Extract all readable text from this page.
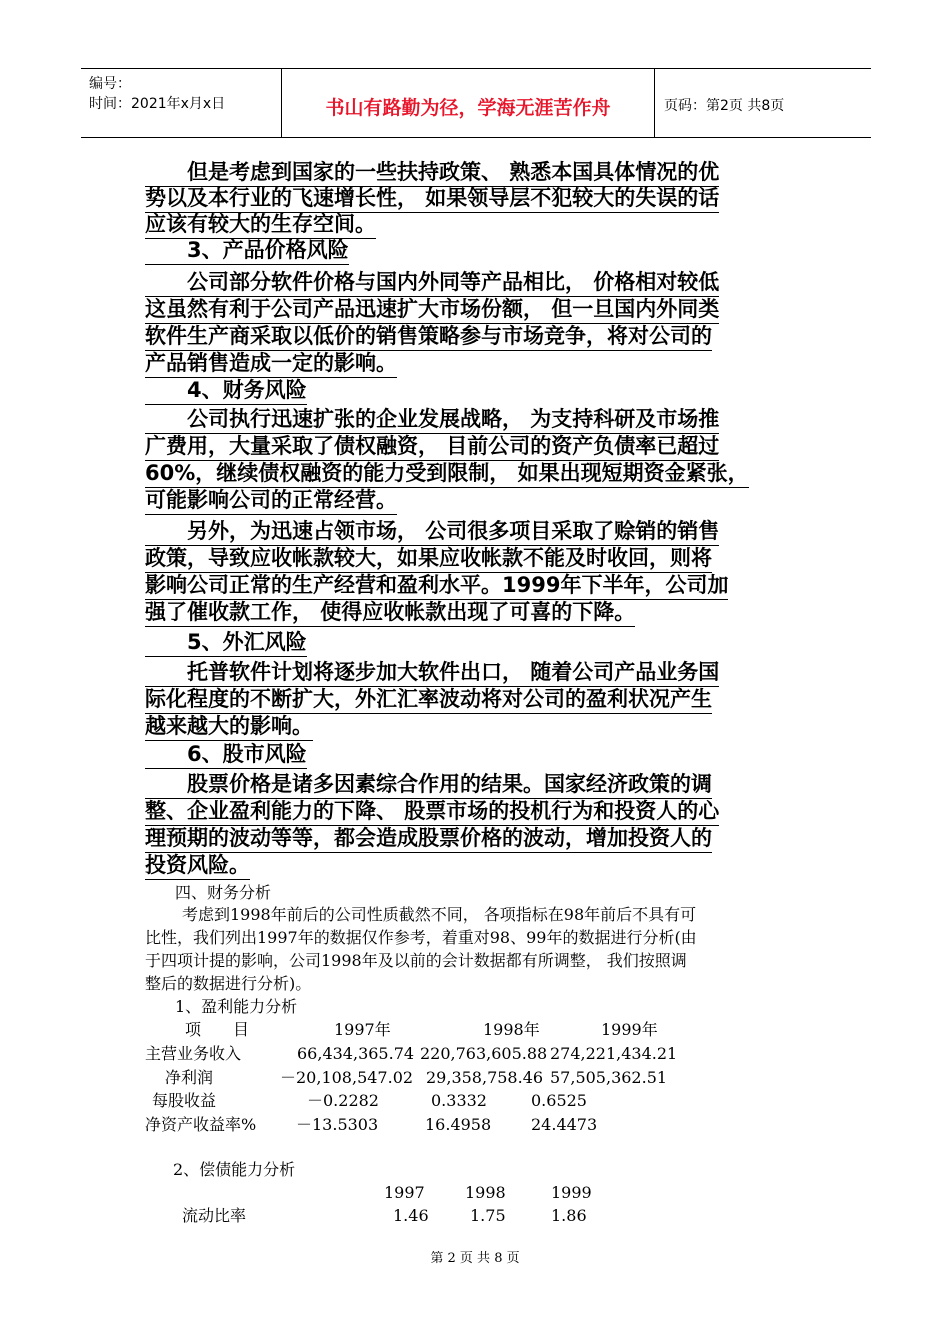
编号：
时间：2021年x月x日	书山有路勤为径，学海无涯苦作舟	页码：第2页 共8页
　　但是考虑到国家的一些扶持政策、 熟悉本国具体情况的优
势以及本行业的飞速增长性， 如果领导层不犯较大的失误的话
应该有较大的生存空间。
　　3、产品价格风险
　　公司部分软件价格与国内外同等产品相比， 价格相对较低
这虽然有利于公司产品迅速扩大市场份额， 但一旦国内外同类
软件生产商采取以低价的销售策略参与市场竞争，将对公司的
产品销售造成一定的影响。
　　4、财务风险
　　公司执行迅速扩张的企业发展战略， 为支持科研及市场推
广费用，大量采取了债权融资， 目前公司的资产负债率已超过
60%，继续债权融资的能力受到限制， 如果出现短期资金紧张，
可能影响公司的正常经营。
　　另外，为迅速占领市场， 公司很多项目采取了赊销的销售
政策，导致应收帐款较大，如果应收帐款不能及时收回，则将
影响公司正常的生产经营和盈利水平。1999年下半年，公司加
强了催收款工作， 使得应收帐款出现了可喜的下降。
　　5、外汇风险
　　托普软件计划将逐步加大软件出口， 随着公司产品业务国
际化程度的不断扩大，外汇汇率波动将对公司的盈利状况产生
越来越大的影响。
　　6、股市风险
　　股票价格是诸多因素综合作用的结果。国家经济政策的调
整、企业盈利能力的下降、 股票市场的投机行为和投资人的心
理预期的波动等等，都会造成股票价格的波动，增加投资人的
投资风险。
四、财务分析
考虑到1998年前后的公司性质截然不同， 各项指标在98年前后不具有可
比性，我们列出1997年的数据仅作参考，着重对98、99年的数据进行分析(由
于四项计提的影响，公司1998年及以前的会计数据都有所调整， 我们按照调
整后的数据进行分析)。
1、盈利能力分析
项　　目	1997年	1998年	1999年
主营业务收入	66,434,365.74 220,763,605.88 274,221,434.21
净利润	－20,108,547.02 29,358,758.46 57,505,362.51
每股收益	－0.2282	0.3332	0.6525
净资产收益率% －13.5303	16.4958 24.4473
2、偿债能力分析
1997	1998	1999
流动比率	1.46	1.75	1.86
第 2 页 共 8 页
